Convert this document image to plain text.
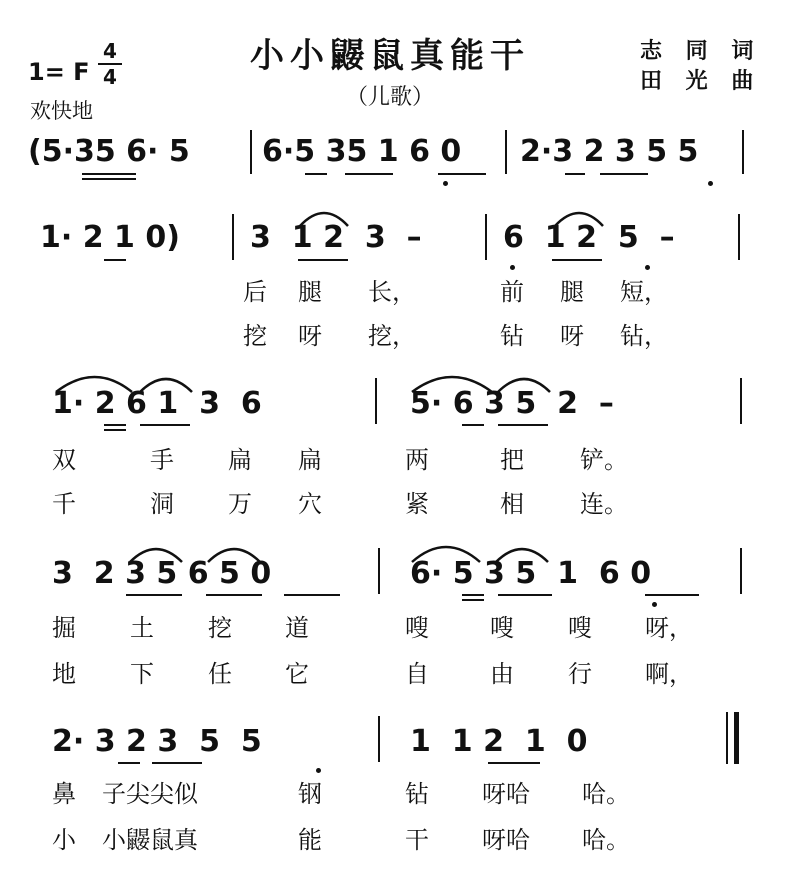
小小鼹鼠真能干
（儿歌）
志 同 词
田 光 曲
1= F
4
4
欢快地
(5·35 6· 5 6·5 35 1 6 0 2·3 2 3 5 5
1· 2 1 0) 3  1 2  3  –	6  1 2  5  –
后 腿 长，	前 腿 短，
挖 呀 挖，	钻 呀 钻，
1· 2 6 1  3  6	5· 6 3 5  2  –
双	手 扁 扁	两	把 铲。
千	洞 万 穴	紧	相 连。
3  2 3 5 6 5 0	6· 5 3 5  1  6 0
掘 土 挖 道	嗖	嗖 嗖 呀，
地 下 任 它	自	由 行 啊，
2· 3 2 3  5  5	1  1 2  1  0
鼻 子尖尖似	钢	钻 呀哈 哈。
小 小鼹鼠真	能	干 呀哈 哈。
